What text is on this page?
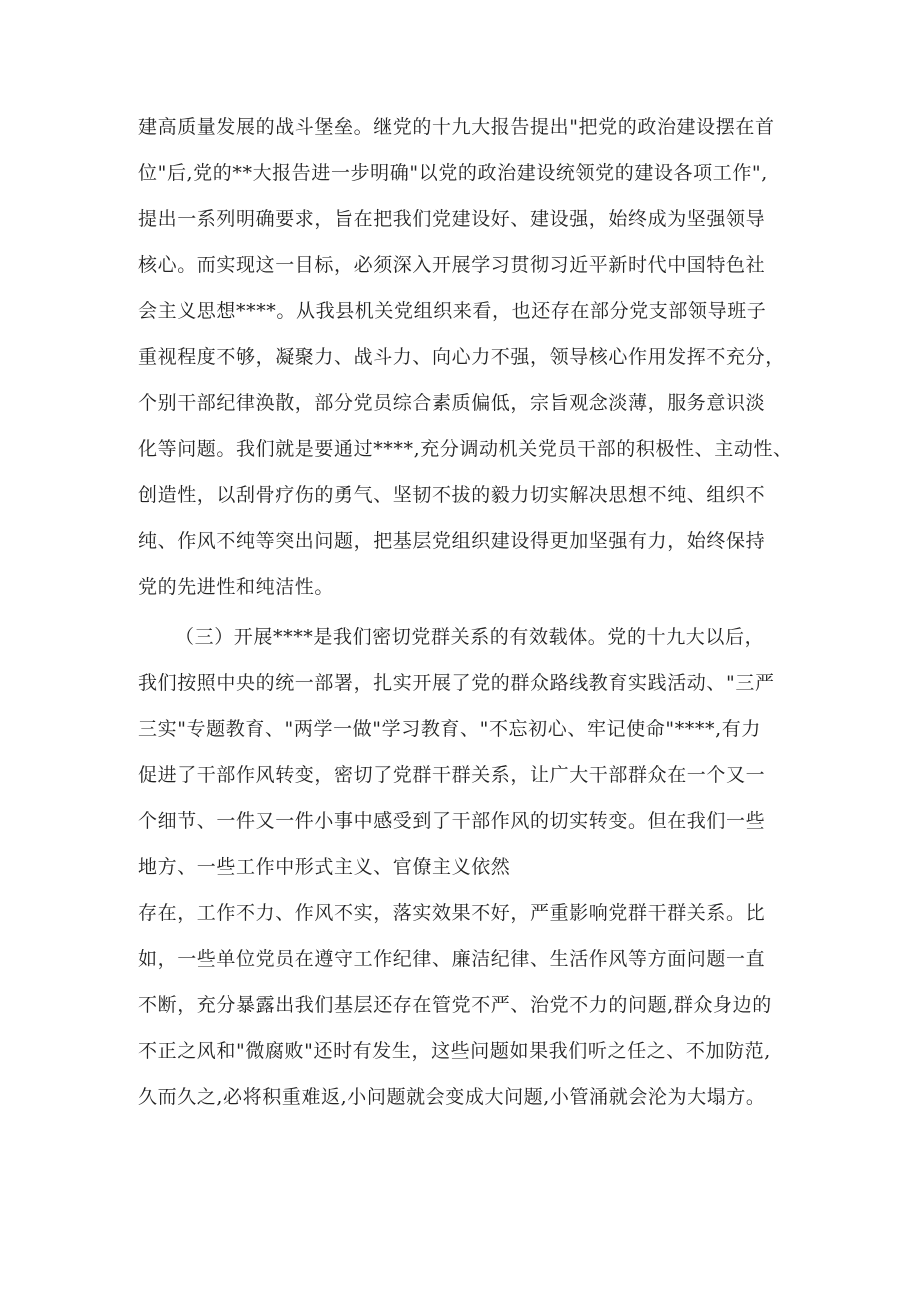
建高质量发展的战斗堡垒。继党的十九大报告提出"把党的政治建设摆在首
位"后,党的**大报告进一步明确"以党的政治建设统领党的建设各项工作",
提出一系列明确要求，旨在把我们党建设好、建设强，始终成为坚强领导
核心。而实现这一目标，必须深入开展学习贯彻习近平新时代中国特色社
会主义思想****。从我县机关党组织来看，也还存在部分党支部领导班子
重视程度不够，凝聚力、战斗力、向心力不强，领导核心作用发挥不充分，
个别干部纪律涣散，部分党员综合素质偏低，宗旨观念淡薄，服务意识淡
化等问题。我们就是要通过****,充分调动机关党员干部的积极性、主动性、
创造性，以刮骨疗伤的勇气、坚韧不拔的毅力切实解决思想不纯、组织不
纯、作风不纯等突出问题，把基层党组织建设得更加坚强有力，始终保持
党的先进性和纯洁性。
（三）开展****是我们密切党群关系的有效载体。党的十九大以后，
我们按照中央的统一部署，扎实开展了党的群众路线教育实践活动、"三严
三实"专题教育、"两学一做"学习教育、"不忘初心、牢记使命"****,有力
促进了干部作风转变，密切了党群干群关系，让广大干部群众在一个又一
个细节、一件又一件小事中感受到了干部作风的切实转变。但在我们一些
地方、一些工作中形式主义、官僚主义依然
存在，工作不力、作风不实，落实效果不好，严重影响党群干群关系。比
如，一些单位党员在遵守工作纪律、廉洁纪律、生活作风等方面问题一直
不断，充分暴露出我们基层还存在管党不严、治党不力的问题,群众身边的
不正之风和"微腐败"还时有发生，这些问题如果我们听之任之、不加防范,
久而久之,必将积重难返,小问题就会变成大问题,小管涌就会沦为大塌方。
